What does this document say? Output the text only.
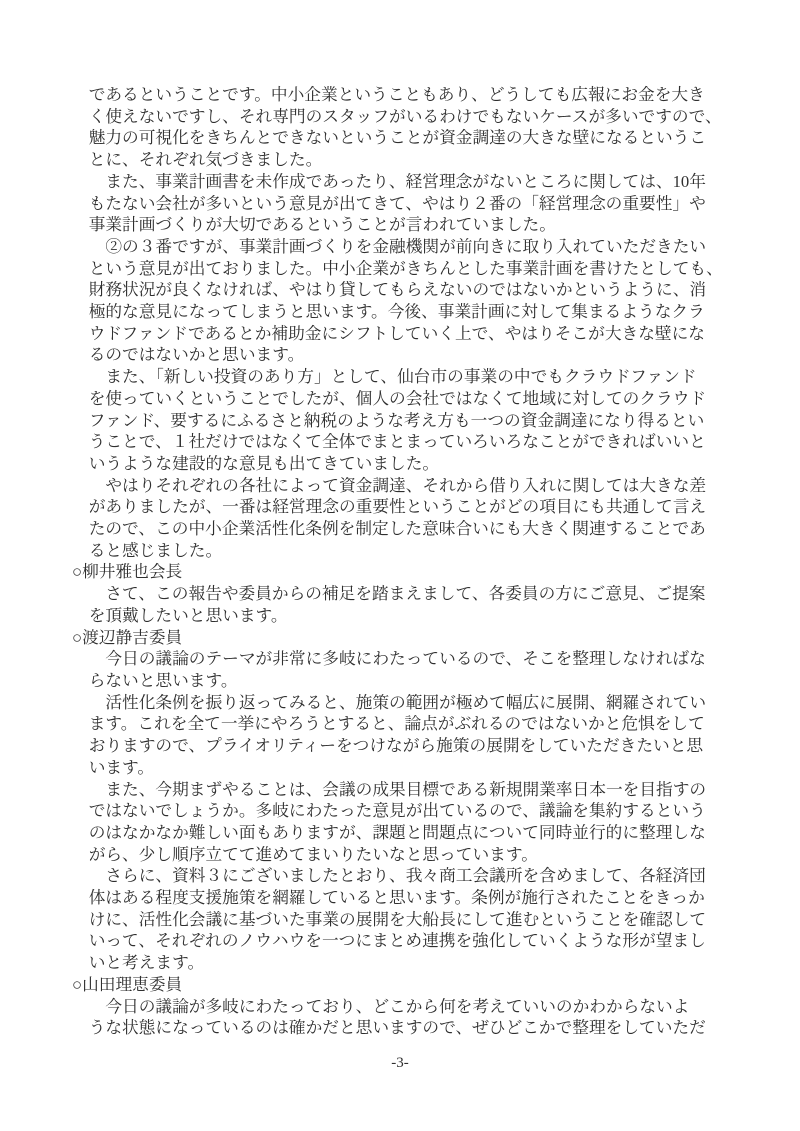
であるということです。中小企業ということもあり、どうしても広報にお金を大き
く使えないですし、それ専門のスタッフがいるわけでもないケースが多いですので、
魅力の可視化をきちんとできないということが資金調達の大きな壁になるというこ
とに、それぞれ気づきました。
　また、事業計画書を未作成であったり、経営理念がないところに関しては、10年
もたない会社が多いという意見が出てきて、やはり２番の「経営理念の重要性」や
事業計画づくりが大切であるということが言われていました。
　②の３番ですが、事業計画づくりを金融機関が前向きに取り入れていただきたい
という意見が出ておりました。中小企業がきちんとした事業計画を書けたとしても、
財務状況が良くなければ、やはり貸してもらえないのではないかというように、消
極的な意見になってしまうと思います。今後、事業計画に対して集まるようなクラ
ウドファンドであるとか補助金にシフトしていく上で、やはりそこが大きな壁にな
るのではないかと思います。
　また、「新しい投資のあり方」として、仙台市の事業の中でもクラウドファンド
を使っていくということでしたが、個人の会社ではなくて地域に対してのクラウド
ファンド、要するにふるさと納税のような考え方も一つの資金調達になり得るとい
うことで、１社だけではなくて全体でまとまっていろいろなことができればいいと
いうような建設的な意見も出てきていました。
　やはりそれぞれの各社によって資金調達、それから借り入れに関しては大きな差
がありましたが、一番は経営理念の重要性ということがどの項目にも共通して言え
たので、この中小企業活性化条例を制定した意味合いにも大きく関連することであ
ると感じました。
○柳井雅也会長
　さて、この報告や委員からの補足を踏まえまして、各委員の方にご意見、ご提案
を頂戴したいと思います。
○渡辺静吉委員
　今日の議論のテーマが非常に多岐にわたっているので、そこを整理しなければな
らないと思います。
　活性化条例を振り返ってみると、施策の範囲が極めて幅広に展開、網羅されてい
ます。これを全て一挙にやろうとすると、論点がぶれるのではないかと危惧をして
おりますので、プライオリティーをつけながら施策の展開をしていただきたいと思
います。
　また、今期まずやることは、会議の成果目標である新規開業率日本一を目指すの
ではないでしょうか。多岐にわたった意見が出ているので、議論を集約するという
のはなかなか難しい面もありますが、課題と問題点について同時並行的に整理しな
がら、少し順序立てて進めてまいりたいなと思っています。
　さらに、資料３にございましたとおり、我々商工会議所を含めまして、各経済団
体はある程度支援施策を網羅していると思います。条例が施行されたことをきっか
けに、活性化会議に基づいた事業の展開を大船長にして進むということを確認して
いって、それぞれのノウハウを一つにまとめ連携を強化していくような形が望まし
いと考えます。
○山田理恵委員
　今日の議論が多岐にわたっており、どこから何を考えていいのかわからないよ
うな状態になっているのは確かだと思いますので、ぜひどこかで整理をしていただ
-3-
